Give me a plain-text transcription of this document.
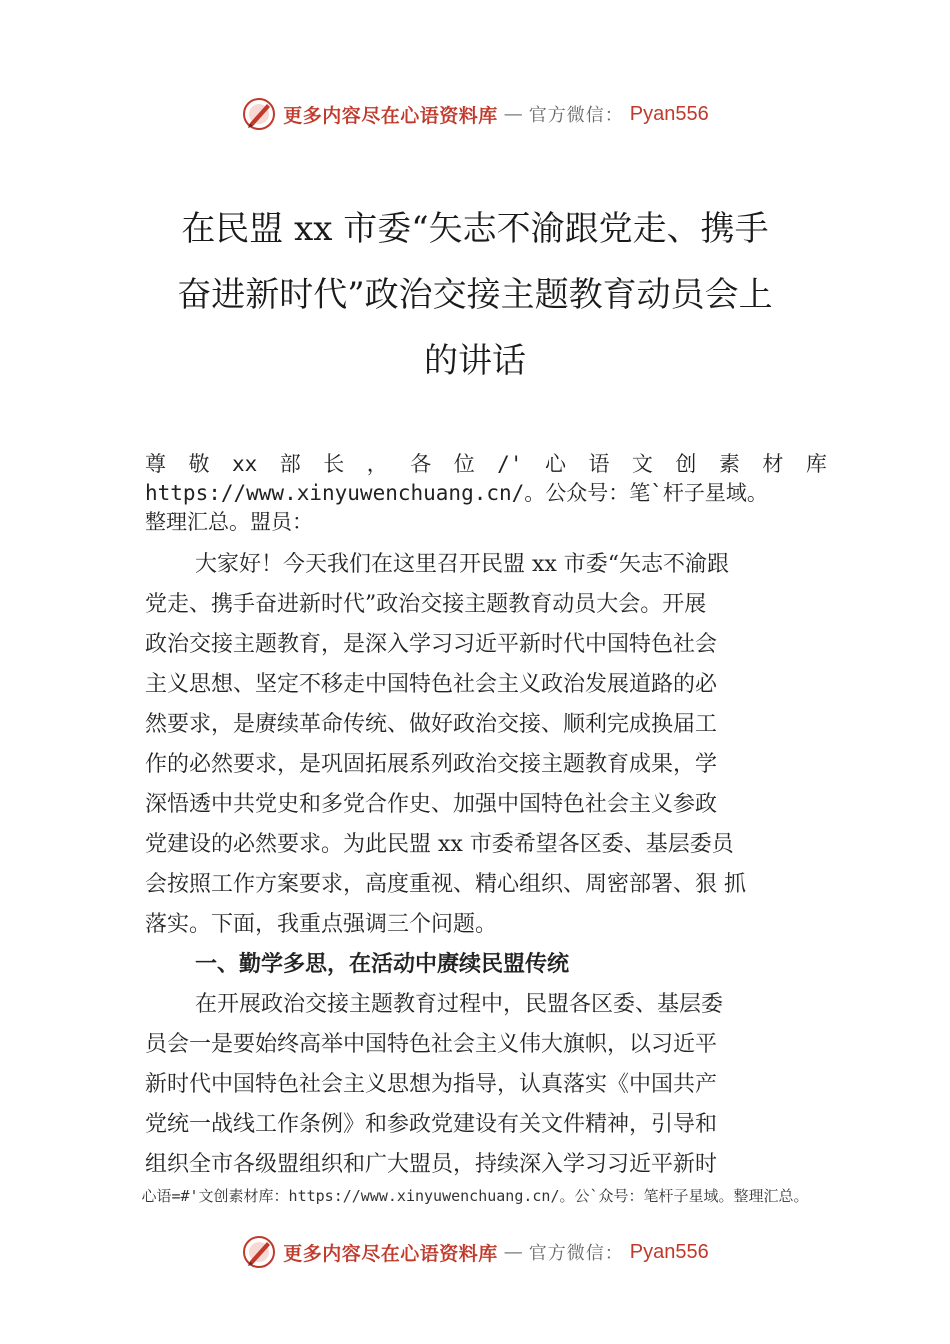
更多内容尽在心语资料库 — 官方微信： Pyan556
在民盟 xx 市委“矢志不渝跟党走、携手
奋进新时代”政治交接主题教育动员会上
的讲话
尊 敬 xx 部 长 ， 各 位 /' 心 语 文 创 素 材 库
https://www.xinyuwenchuang.cn/。公众号：笔`杆子星域。
整理汇总。盟员：
大家好！今天我们在这里召开民盟 xx 市委“矢志不渝跟
党走、携手奋进新时代”政治交接主题教育动员大会。开展
政治交接主题教育，是深入学习习近平新时代中国特色社会
主义思想、坚定不移走中国特色社会主义政治发展道路的必
然要求，是赓续革命传统、做好政治交接、顺利完成换届工
作的必然要求，是巩固拓展系列政治交接主题教育成果，学
深悟透中共党史和多党合作史、加强中国特色社会主义参政
党建设的必然要求。为此民盟 xx 市委希望各区委、基层委员
会按照工作方案要求，高度重视、精心组织、周密部署、狠 抓
落实。下面，我重点强调三个问题。
一、勤学多思，在活动中赓续民盟传统
在开展政治交接主题教育过程中，民盟各区委、基层委
员会一是要始终高举中国特色社会主义伟大旗帜，以习近平
新时代中国特色社会主义思想为指导，认真落实《中国共产
党统一战线工作条例》和参政党建设有关文件精神，引导和
组织全市各级盟组织和广大盟员，持续深入学习习近平新时
心语=#'文创素材库：https://www.xinyuwenchuang.cn/。公`众号：笔杆子星域。整理汇总。
更多内容尽在心语资料库 — 官方微信： Pyan556
